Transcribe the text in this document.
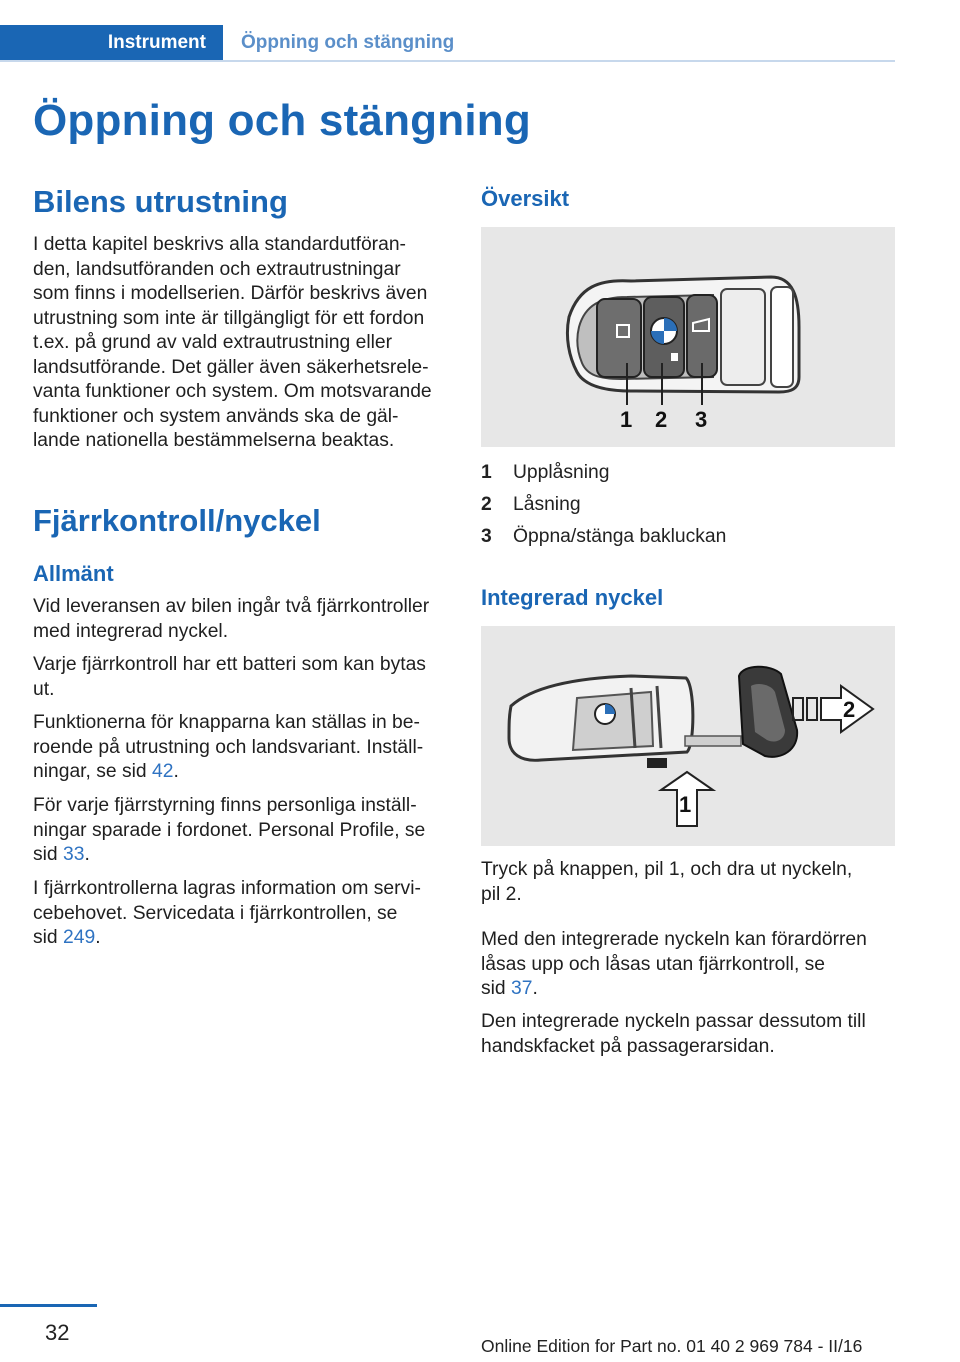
Instrument	Öppning och stängning
Öppning och stängning
Bilens utrustning

I detta kapitel beskrivs alla standardutföran‐
den, landsutföranden och extrautrustningar
som finns i modellserien. Därför beskrivs även
utrustning som inte är tillgängligt för ett fordon
t.ex. på grund av vald extrautrustning eller
landsutförande. Det gäller även säkerhetsrele‐
vanta funktioner och system. Om motsvarande
funktioner och system används ska de gäl‐
lande nationella bestämmelserna beaktas.

Fjärrkontroll/nyckel
Allmänt

Vid leveransen av bilen ingår två fjärrkontroller
med integrerad nyckel.

Varje fjärrkontroll har ett batteri som kan bytas
ut.

Funktionerna för knapparna kan ställas in be‐
roende på utrustning och landsvariant. Inställ‐
ningar, se sid 42.

För varje fjärrstyrning finns personliga inställ‐
ningar sparade i fordonet. Personal Profile, se
sid 33.

I fjärrkontrollerna lagras information om servi‐
cebehovet. Servicedata i fjärrkontrollen, se
sid 249.

Översikt
1 2 3
1	Upplåsning
2	Låsning
3	Öppna/stänga bakluckan
Integrerad nyckel
2
1

Tryck på knappen, pil 1, och dra ut nyckeln,
pil 2.

Med den integrerade nyckeln kan förardörren
låsas upp och låsas utan fjärrkontroll, se
sid 37.

Den integrerade nyckeln passar dessutom till
handskfacket på passagerarsidan.

32
Online Edition for Part no. 01 40 2 969 784 - II/16
